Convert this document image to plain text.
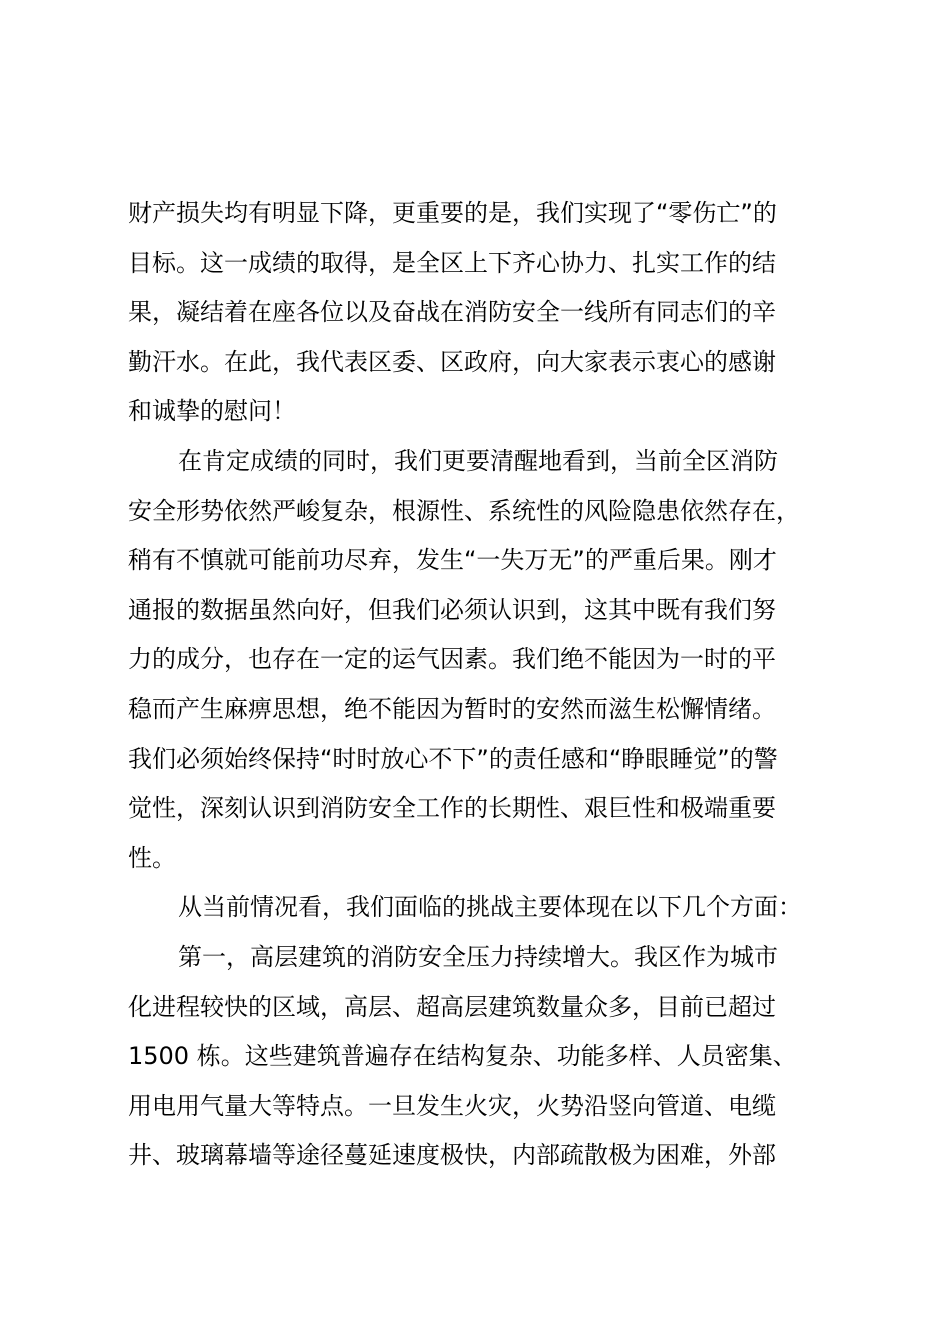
财产损失均有明显下降，更重要的是，我们实现了“零伤亡”的
目标。这一成绩的取得，是全区上下齐心协力、扎实工作的结
果，凝结着在座各位以及奋战在消防安全一线所有同志们的辛
勤汗水。在此，我代表区委、区政府，向大家表示衷心的感谢
和诚挚的慰问！
在肯定成绩的同时，我们更要清醒地看到，当前全区消防
安全形势依然严峻复杂，根源性、系统性的风险隐患依然存在，
稍有不慎就可能前功尽弃，发生“一失万无”的严重后果。刚才
通报的数据虽然向好，但我们必须认识到，这其中既有我们努
力的成分，也存在一定的运气因素。我们绝不能因为一时的平
稳而产生麻痹思想，绝不能因为暂时的安然而滋生松懈情绪。
我们必须始终保持“时时放心不下”的责任感和“睁眼睡觉”的警
觉性，深刻认识到消防安全工作的长期性、艰巨性和极端重要
性。
从当前情况看，我们面临的挑战主要体现在以下几个方面：
第一，高层建筑的消防安全压力持续增大。我区作为城市
化进程较快的区域，高层、超高层建筑数量众多，目前已超过
1500 栋。这些建筑普遍存在结构复杂、功能多样、人员密集、
用电用气量大等特点。一旦发生火灾，火势沿竖向管道、电缆
井、玻璃幕墙等途径蔓延速度极快，内部疏散极为困难，外部
